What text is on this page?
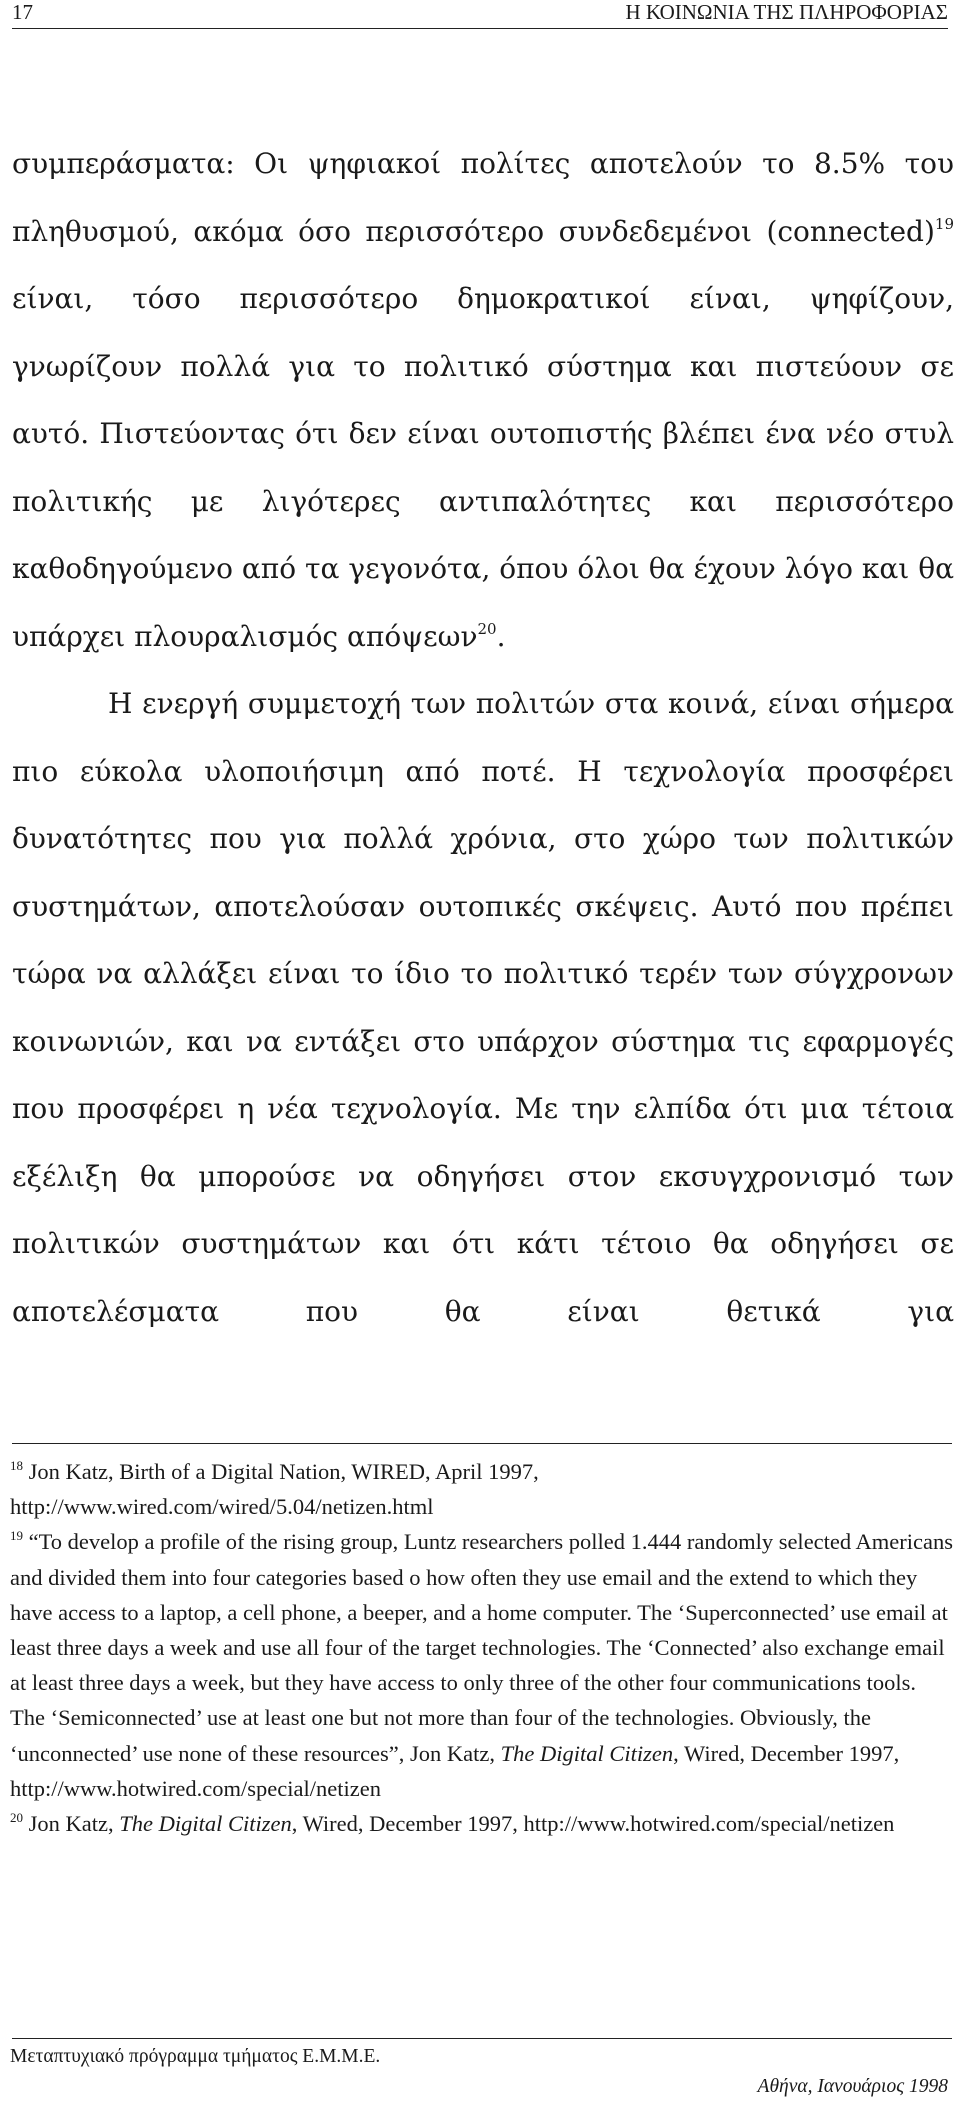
17	Η ΚΟΙΝΩΝΙΑ ΤΗΣ ΠΛΗΡΟΦΟΡΙΑΣ

συμπεράσματα: Οι ψηφιακοί πολίτες αποτελούν το 8.5% του πληθυσμού, ακόμα όσο περισσότερο συνδεδεμένοι (connected)$^{19}$ είναι, τόσο περισσότερο δημοκρατικοί είναι, ψηφίζουν, γνωρίζουν πολλά για το πολιτικό σύστημα και πιστεύουν σε αυτό. Πιστεύοντας ότι δεν είναι ουτοπιστής βλέπει ένα νέο στυλ πολιτικής με λιγότερες αντιπαλότητες και περισσότερο καθοδηγούμενο από τα γεγονότα, όπου όλοι θα έχουν λόγο και θα υπάρχει πλουραλισμός απόψεων$^{20}$.

Η ενεργή συμμετοχή των πολιτών στα κοινά, είναι σήμερα πιο εύκολα υλοποιήσιμη από ποτέ. Η τεχνολογία προσφέρει δυνατότητες που για πολλά χρόνια, στο χώρο των πολιτικών συστημάτων, αποτελούσαν ουτοπικές σκέψεις. Αυτό που πρέπει τώρα να αλλάξει είναι το ίδιο το πολιτικό τερέν των σύγχρονων κοινωνιών, και να εντάξει στο υπάρχον σύστημα τις εφαρμογές που προσφέρει η νέα τεχνολογία. Με την ελπίδα ότι μια τέτοια εξέλιξη θα μπορούσε να οδηγήσει στον εκσυγχρονισμό των πολιτικών συστημάτων και ότι κάτι τέτοιο θα οδηγήσει σε αποτελέσματα που θα είναι θετικά για

$^{18}$ Jon Katz, Birth of a Digital Nation, WIRED, April 1997, http://www.wired.com/wired/5.04/netizen.html

$^{19}$ “To develop a profile of the rising group, Luntz researchers polled 1.444 randomly selected Americans and divided them into four categories based o how often they use email and the extend to which they have access to a laptop, a cell phone, a beeper, and a home computer. The ‘Superconnected’ use email at least three days a week and use all four of the target technologies. The ‘Connected’ also exchange email at least three days a week, but they have access to only three of the other four communications tools. The ‘Semiconnected’ use at least one but not more than four of the technologies. Obviously, the ‘unconnected’ use none of these resources”, Jon Katz, The Digital Citizen, Wired, December 1997, http://www.hotwired.com/special/netizen

$^{20}$ Jon Katz, The Digital Citizen, Wired, December 1997, http://www.hotwired.com/special/netizen

Μεταπτυχιακό πρόγραμμα τμήματος Ε.Μ.Μ.Ε.
Αθήνα, Ιανουάριος 1998
